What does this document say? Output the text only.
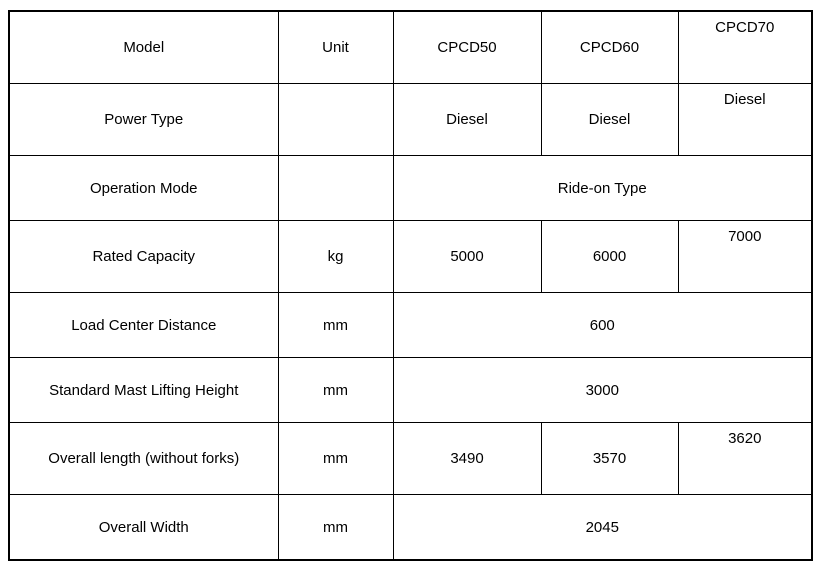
Model	Unit	CPCD50	CPCD60	CPCD70
Power Type		Diesel	Diesel	Diesel
Operation Mode		Ride-on Type		
Rated Capacity	kg	5000	6000	7000
Load Center Distance	mm	600		
Standard Mast Lifting Height	mm	3000		
Overall length (without forks)	mm	3490	3570	3620
Overall Width	mm	2045		
